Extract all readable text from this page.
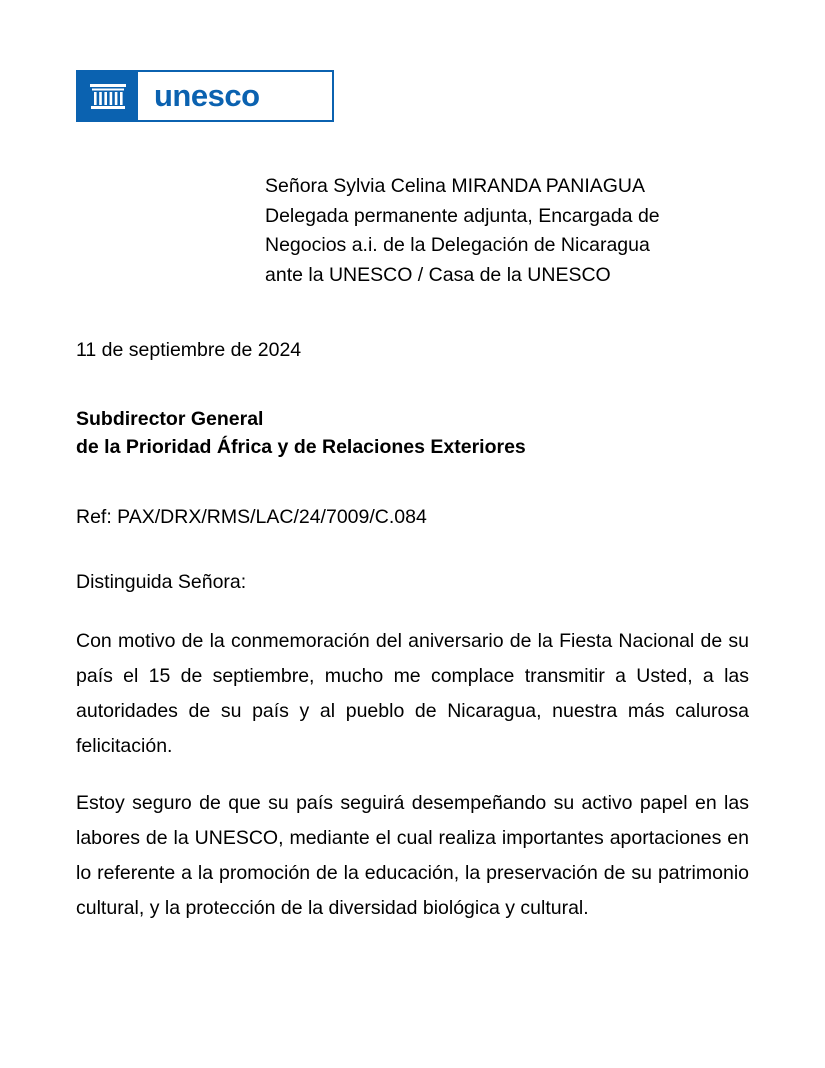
unesco
Señora Sylvia Celina MIRANDA PANIAGUA
Delegada permanente adjunta, Encargada de
Negocios a.i. de la Delegación de Nicaragua
ante la UNESCO / Casa de la UNESCO
11 de septiembre de 2024
Subdirector General
de la Prioridad África y de Relaciones Exteriores
Ref: PAX/DRX/RMS/LAC/24/7009/C.084
Distinguida Señora:

Con motivo de la conmemoración del aniversario de la Fiesta Nacional de su país el 15 de septiembre, mucho me complace transmitir a Usted, a las autoridades de su país y al pueblo de Nicaragua, nuestra más calurosa felicitación.

Estoy seguro de que su país seguirá desempeñando su activo papel en las labores de la UNESCO, mediante el cual realiza importantes aportaciones en lo referente a la promoción de la educación, la preservación de su patrimonio cultural, y la protección de la diversidad biológica y cultural.
